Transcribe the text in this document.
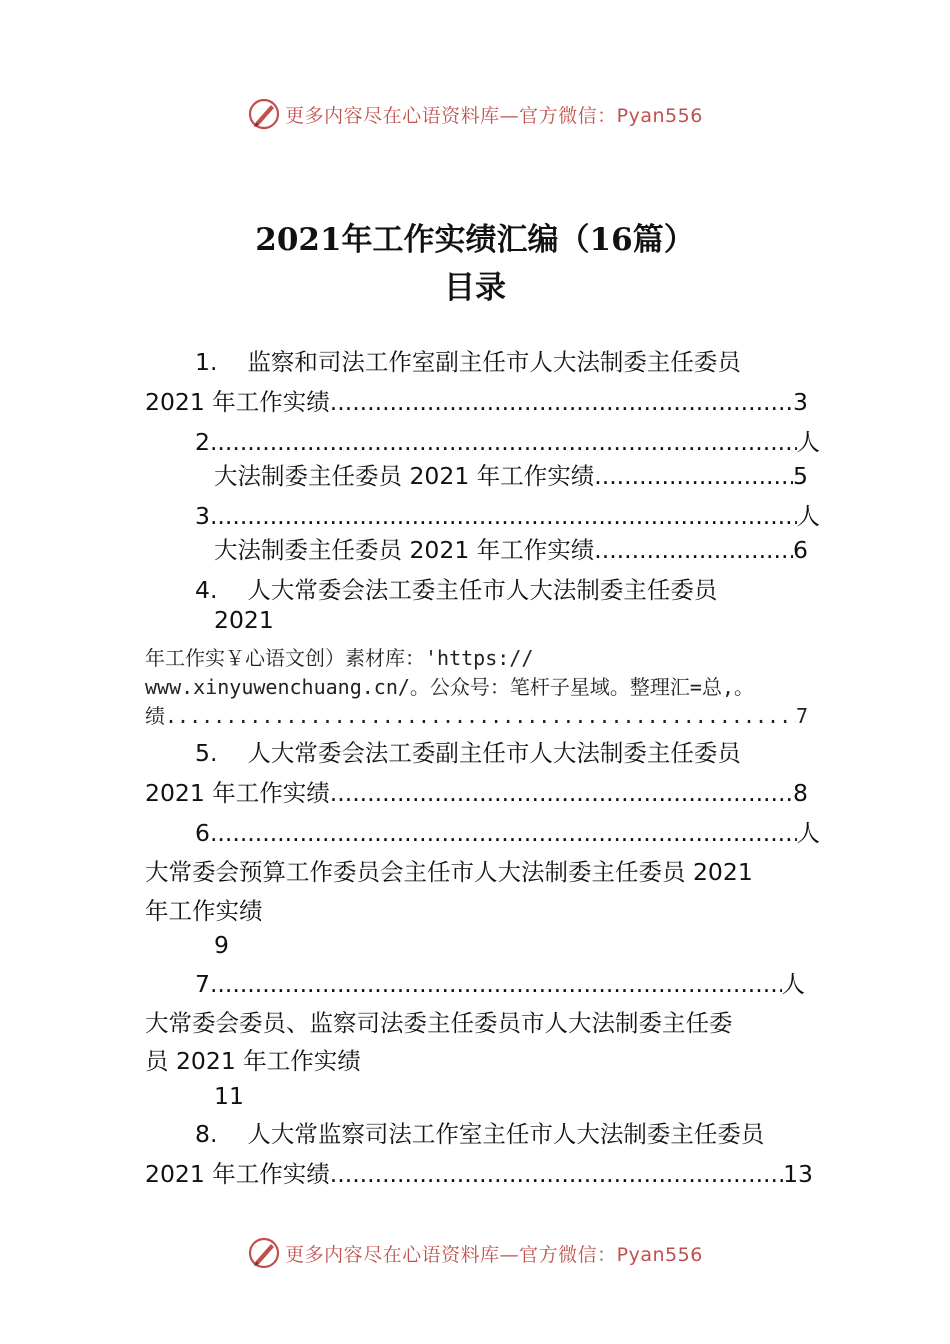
更多内容尽在心语资料库—官方微信：Pyan556
2021年工作实绩汇编（16篇）
目录
1. 监察和司法工作室副主任市人大法制委主任委员
2021 年工作实绩 .....	3
2. .....	人
大法制委主任委员 2021 年工作实绩 .....	5
3. .....	人
大法制委主任委员 2021 年工作实绩 .....	6
4. 人大常委会法工委主任市人大法制委主任委员
2021
年工作实￥心语文创）素材库：'https://
www.xinyuwenchuang.cn/。公众号：笔杆子星域。整理汇=总,。
绩 .....	7
5. 人大常委会法工委副主任市人大法制委主任委员
2021 年工作实绩 .....	8
6. .....	人
大常委会预算工作委员会主任市人大法制委主任委员 2021
年工作实绩
9
7. .....	人
大常委会委员、监察司法委主任委员市人大法制委主任委
员 2021 年工作实绩
11
8. 人大常监察司法工作室主任市人大法制委主任委员
2021 年工作实绩 .....	13
更多内容尽在心语资料库—官方微信：Pyan556
